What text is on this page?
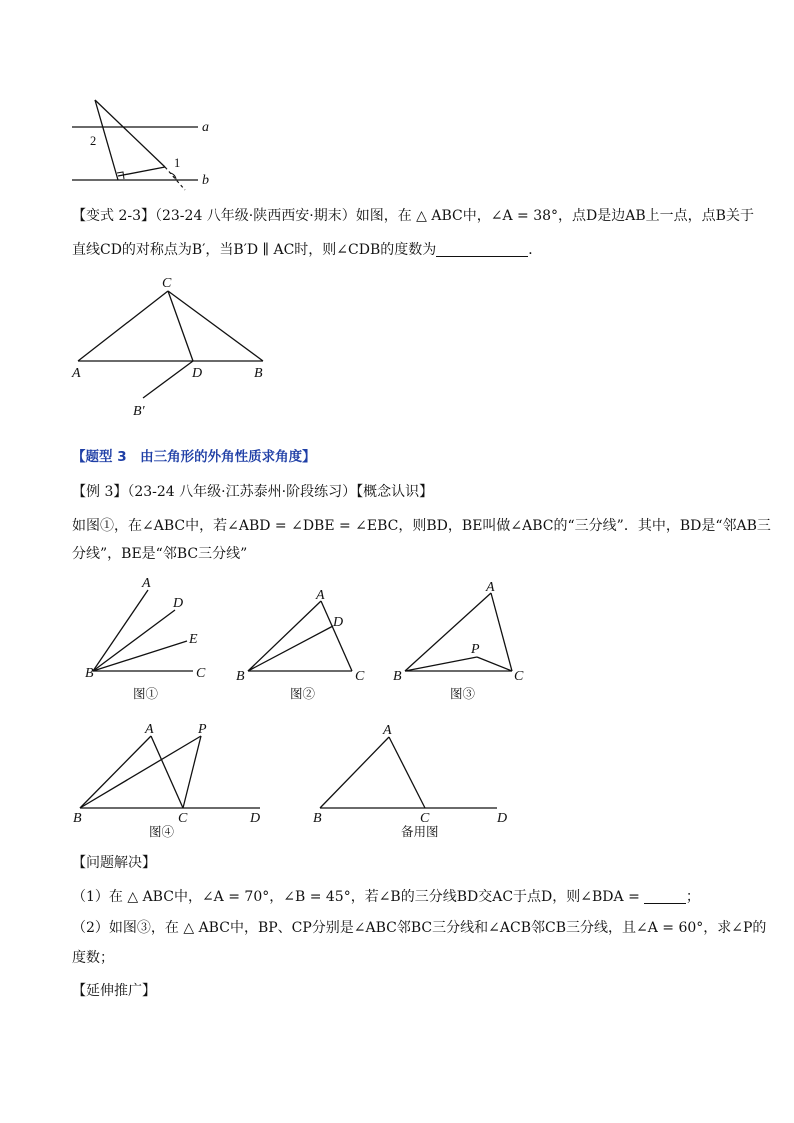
2
1
a
b
【变式 2-3】（23-24 八年级·陕西西安·期末）如图，在 △ ABC中，∠A = 38°，点D是边AB上一点，点B关于
直线CD的对称点为B′，当B′D ∥ AC时，则∠CDB的度数为	．
C
A	D	B
B′
【题型 3　由三角形的外角性质求角度】
【例 3】（23-24 八年级·江苏泰州·阶段练习）【概念认识】
如图①，在∠ABC中，若∠ABD = ∠DBE = ∠EBC，则BD，BE叫做∠ABC的“三分线”．其中，BD是“邻AB三
分线”，BE是“邻BC三分线”
A
D
E
B	C
图①
A
D
B	C
图②
A
P
B	C
图③
A	P
B	C	D
图④
A
B	C	D
备用图
【问题解决】
（1）在 △ ABC中，∠A = 70°，∠B = 45°，若∠B的三分线BD交AC于点D，则∠BDA =	；
（2）如图③，在 △ ABC中，BP、CP分别是∠ABC邻BC三分线和∠ACB邻CB三分线，且∠A = 60°，求∠P的
度数；
【延伸推广】
